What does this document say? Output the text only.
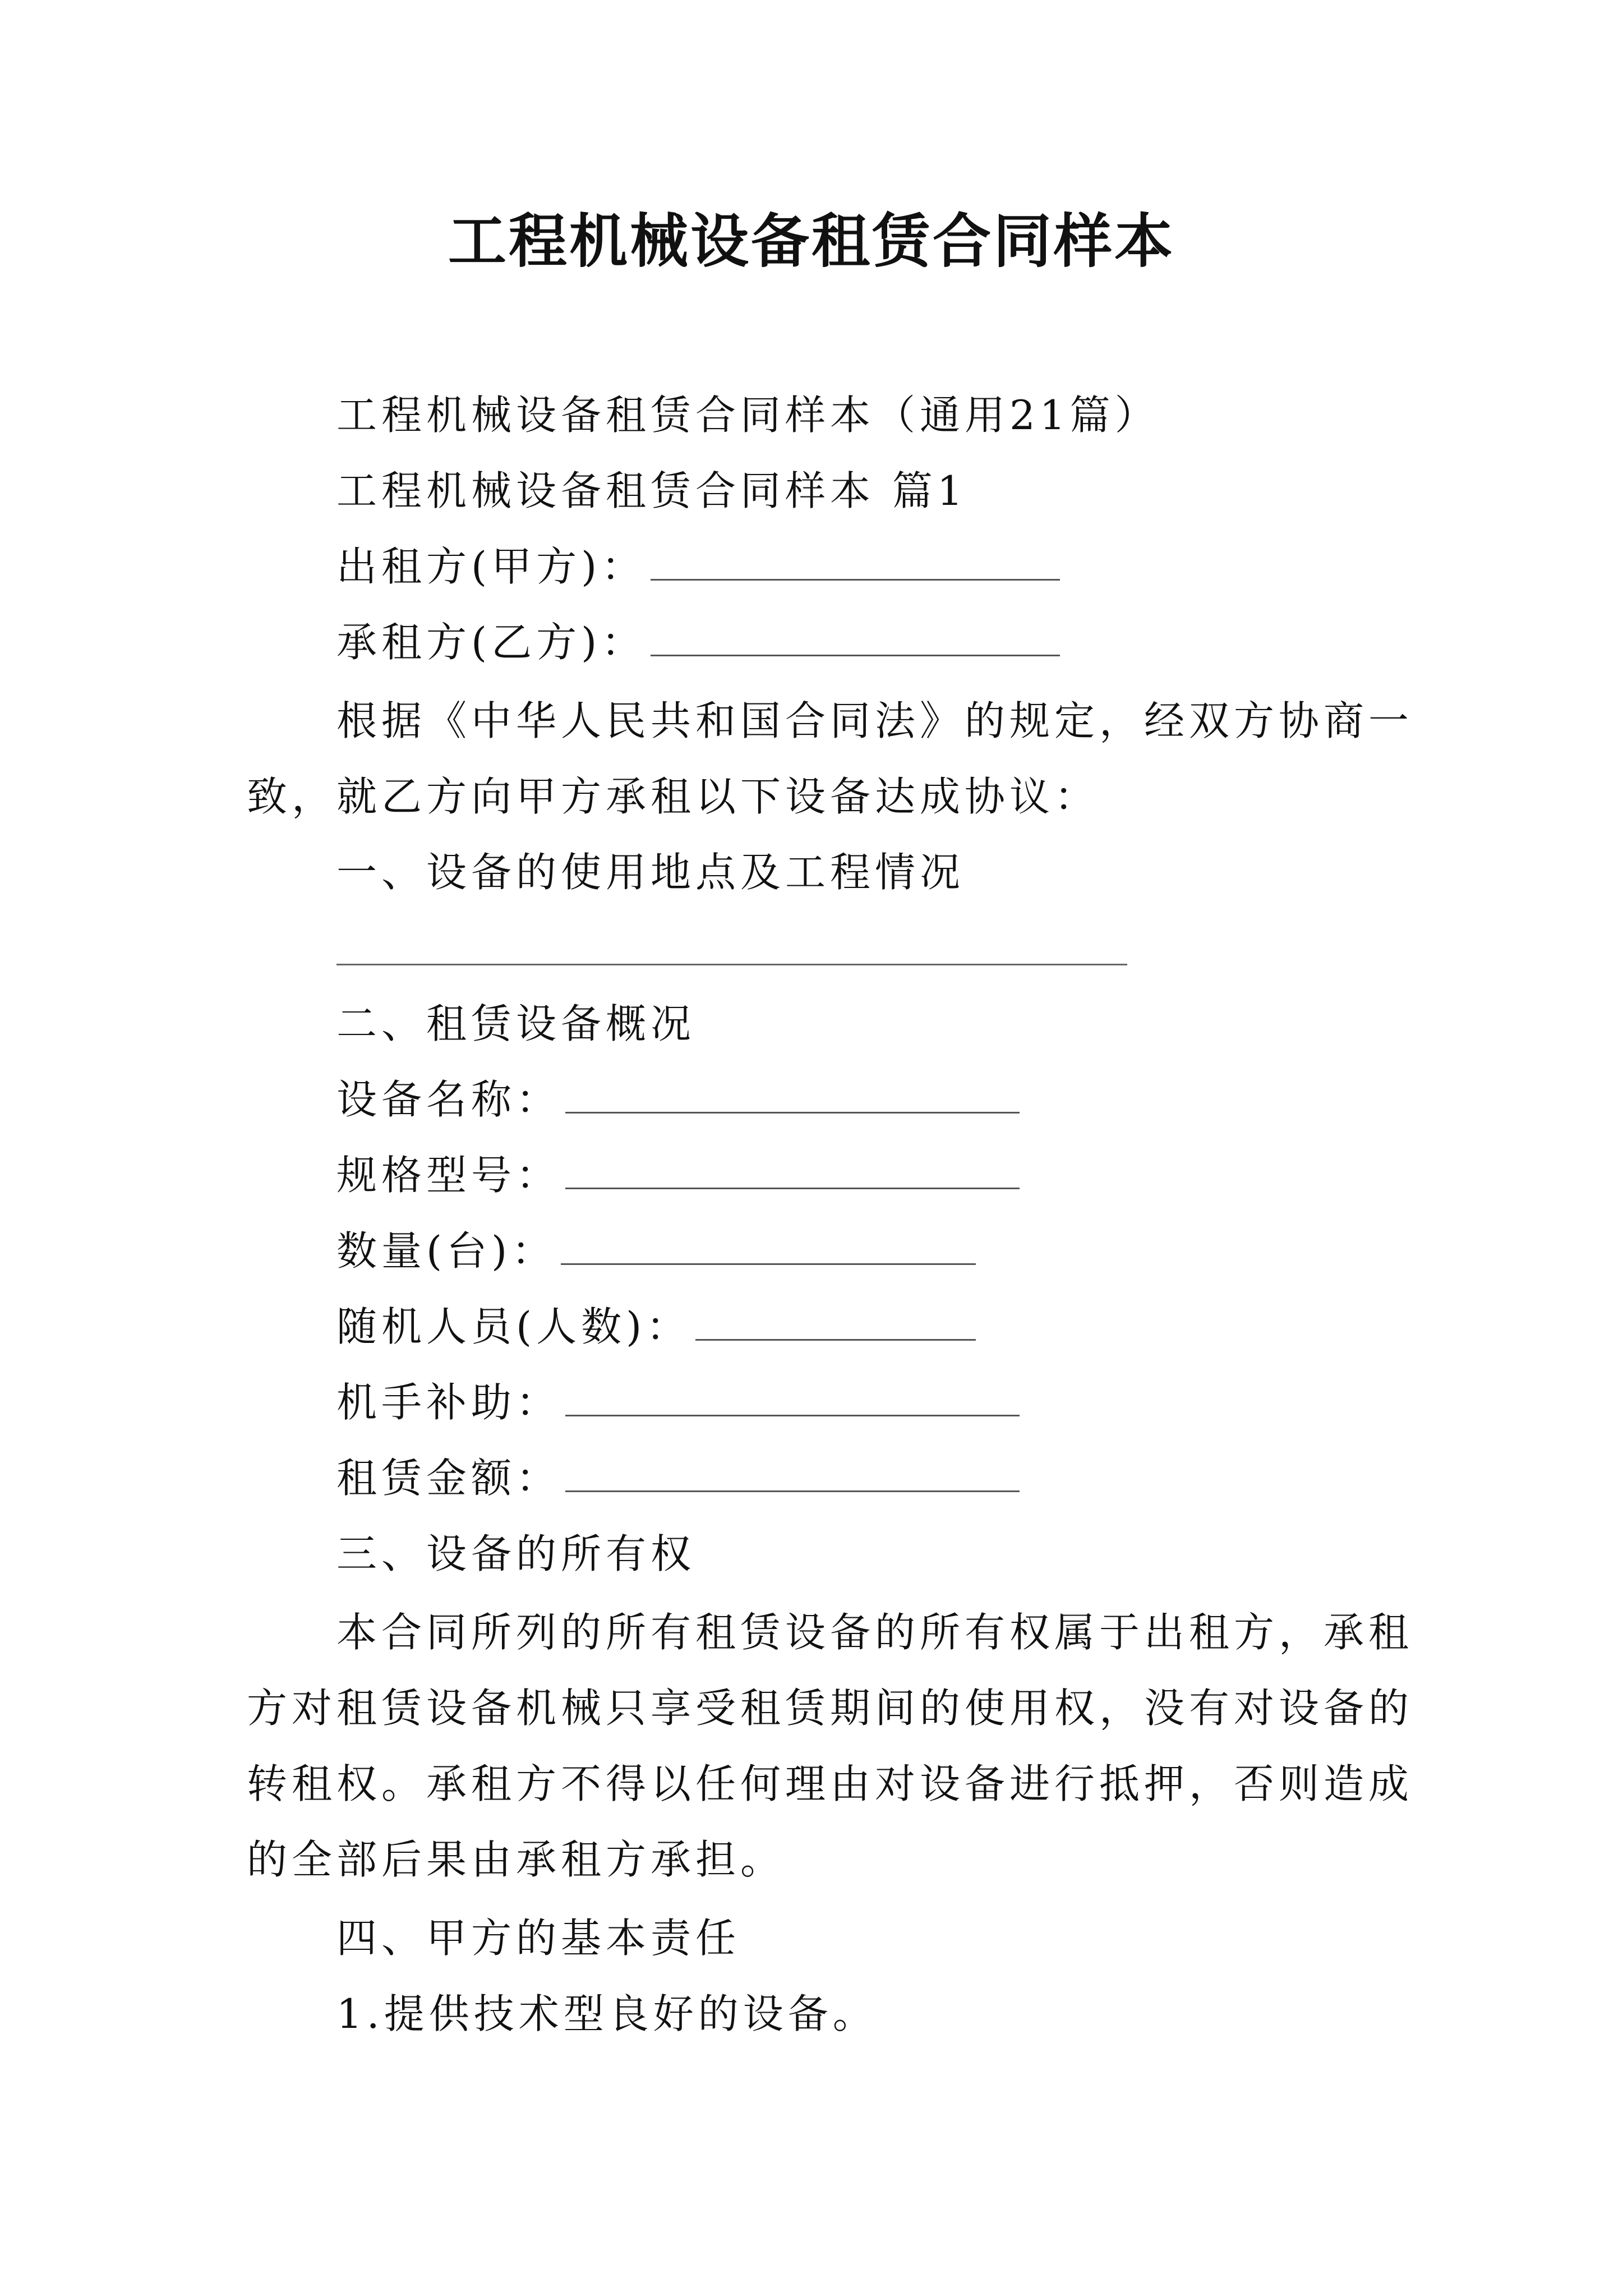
工程机械设备租赁合同样本
工程机械设备租赁合同样本（通用21篇）
工程机械设备租赁合同样本 篇1
出租方(甲方)：
承租方(乙方)：
根据《中华人民共和国合同法》的规定，经双方协商一
致，就乙方向甲方承租以下设备达成协议：
一、设备的使用地点及工程情况
二、租赁设备概况
设备名称：
规格型号：
数量(台)：
随机人员(人数)：
机手补助：
租赁金额：
三、设备的所有权
本合同所列的所有租赁设备的所有权属于出租方，承租
方对租赁设备机械只享受租赁期间的使用权，没有对设备的
转租权。承租方不得以任何理由对设备进行抵押，否则造成
的全部后果由承租方承担。
四、甲方的基本责任
1.提供技术型良好的设备。
